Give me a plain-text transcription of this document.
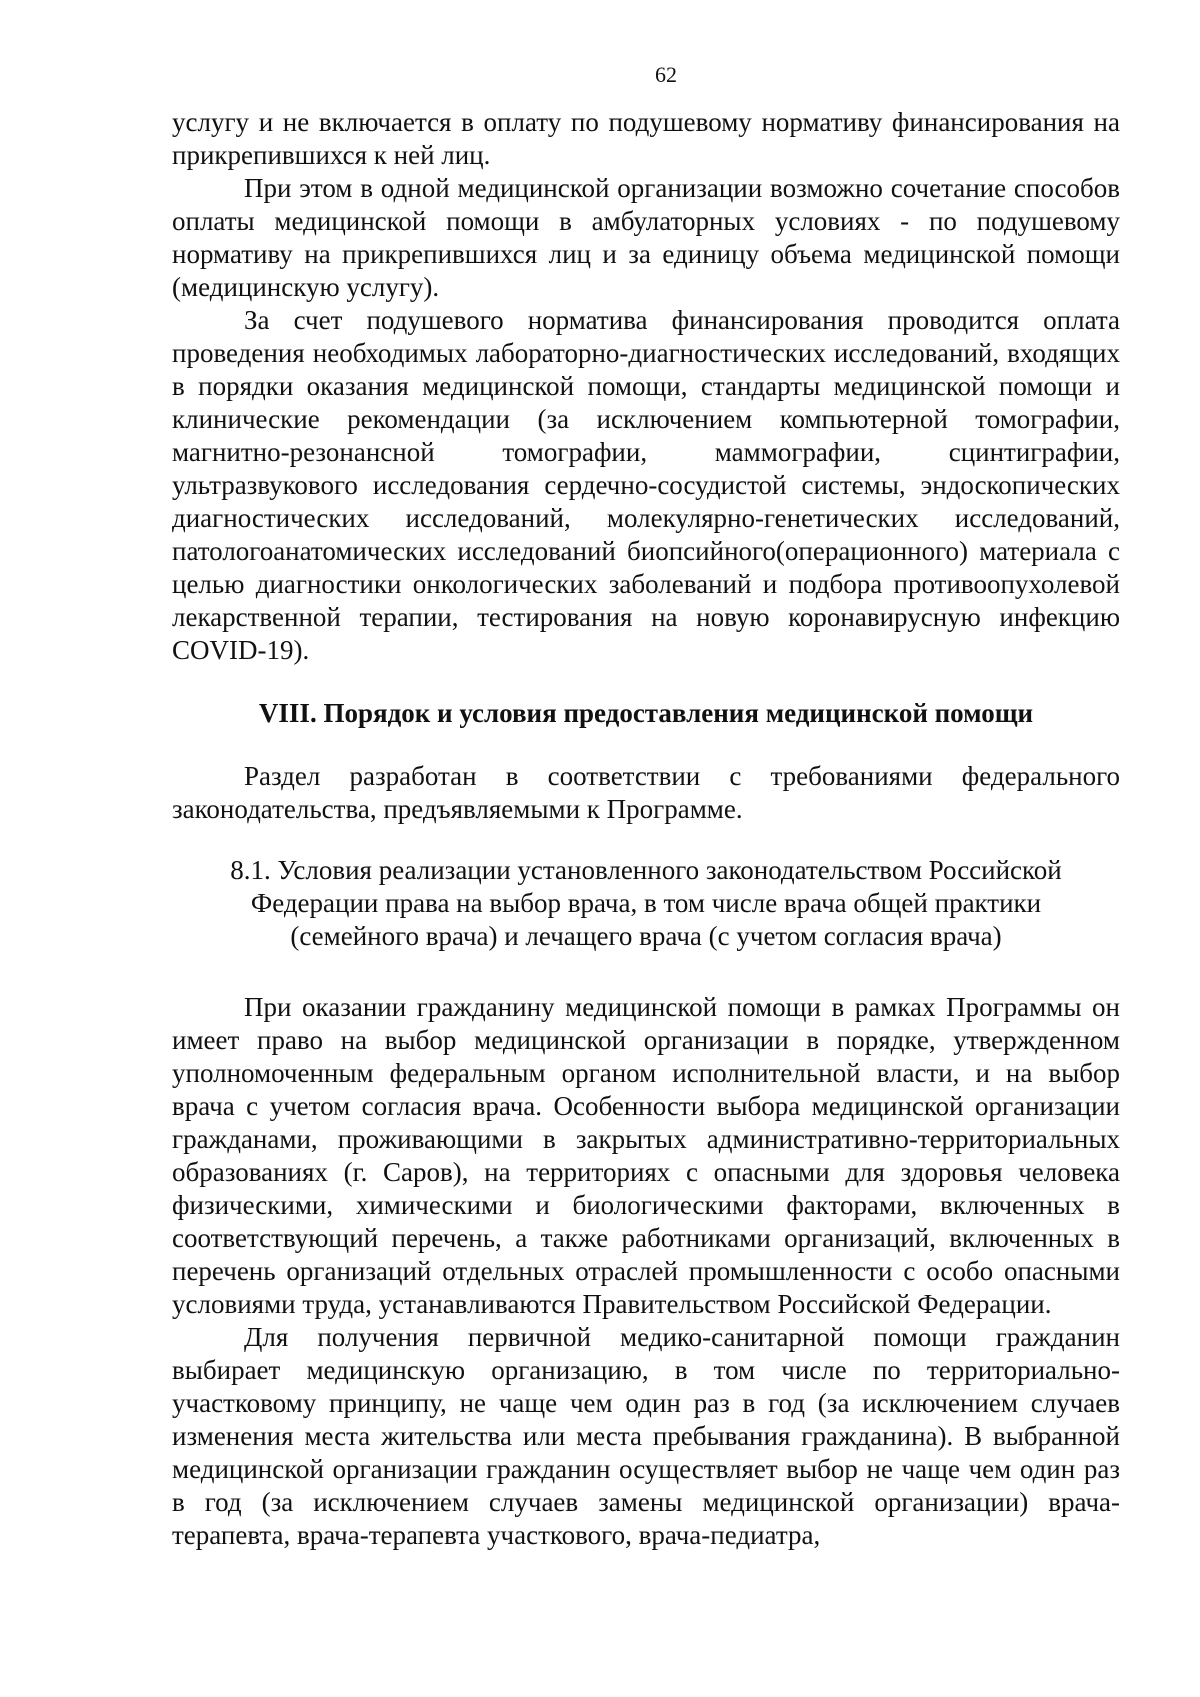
62

услугу и не включается в оплату по подушевому нормативу финансирования на прикрепившихся к ней лиц.

При этом в одной медицинской организации возможно сочетание способов оплаты медицинской помощи в амбулаторных условиях - по подушевому нормативу на прикрепившихся лиц и за единицу объема медицинской помощи (медицинскую услугу).

За счет подушевого норматива финансирования проводится оплата проведения необходимых лабораторно-диагностических исследований, входящих в порядки оказания медицинской помощи, стандарты медицинской помощи и клинические рекомендации (за исключением компьютерной томографии, магнитно-резонансной томографии, маммографии, сцинтиграфии, ультразвукового исследования сердечно-сосудистой системы, эндоскопических диагностических исследований, молекулярно-генетических исследований, патологоанатомических исследований биопсийного(операционного) материала с целью диагностики онкологических заболеваний и подбора противоопухолевой лекарственной терапии, тестирования на новую коронавирусную инфекцию COVID-19).

VIII. Порядок и условия предоставления медицинской помощи

Раздел разработан в соответствии с требованиями федерального законодательства, предъявляемыми к Программе.

8.1. Условия реализации установленного законодательством Российской
Федерации права на выбор врача, в том числе врача общей практики
(семейного врача) и лечащего врача (с учетом согласия врача)

При оказании гражданину медицинской помощи в рамках Программы он имеет право на выбор медицинской организации в порядке, утвержденном уполномоченным федеральным органом исполнительной власти, и на выбор врача с учетом согласия врача. Особенности выбора медицинской организации гражданами, проживающими в закрытых административно-территориальных образованиях (г. Саров), на территориях с опасными для здоровья человека физическими, химическими и биологическими факторами, включенных в соответствующий перечень, а также работниками организаций, включенных в перечень организаций отдельных отраслей промышленности с особо опасными условиями труда, устанавливаются Правительством Российской Федерации.

Для получения первичной медико-санитарной помощи гражданин выбирает медицинскую организацию, в том числе по территориально-участковому принципу, не чаще чем один раз в год (за исключением случаев изменения места жительства или места пребывания гражданина). В выбранной медицинской организации гражданин осуществляет выбор не чаще чем один раз в год (за исключением случаев замены медицинской организации) врача-терапевта, врача-терапевта участкового, врача-педиатра,
